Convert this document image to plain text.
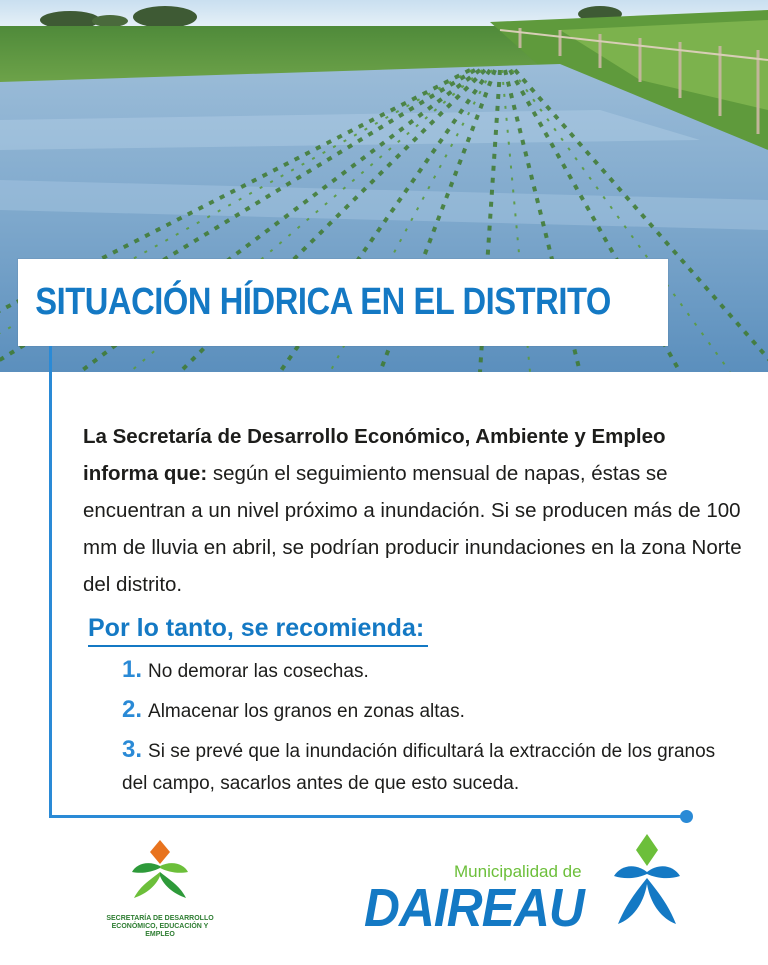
SITUACIÓN HÍDRICA EN EL DISTRITO

La Secretaría de Desarrollo Económico, Ambiente y Empleo informa que: según el seguimiento mensual de napas, éstas se encuentran a un nivel próximo a inundación. Si se producen más de 100 mm de lluvia en abril, se podrían producir inundaciones en la zona Norte del distrito.

Por lo tanto, se recomienda:
1. No demorar las cosechas.
2. Almacenar los granos en zonas altas.
3. Si se prevé que la inundación dificultará la extracción de los granos del campo, sacarlos antes de que esto suceda.
SECRETARÍA DE DESARROLLO ECONÓMICO, EDUCACIÓN Y EMPLEO
Municipalidad de
DAIREAU
